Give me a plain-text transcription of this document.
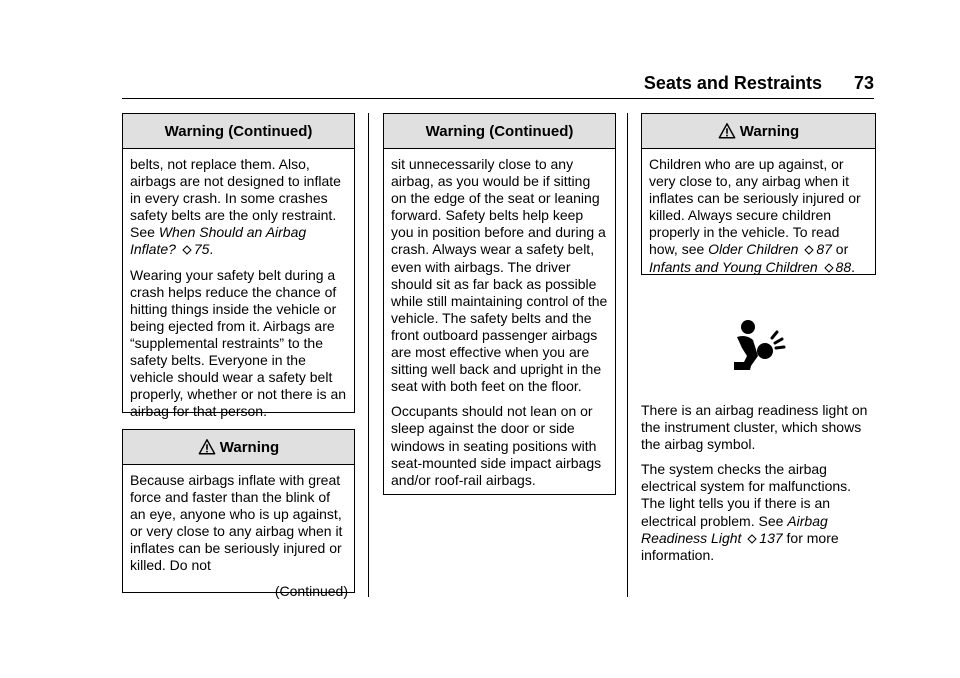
Seats and Restraints 73
Warning (Continued)

belts, not replace them. Also, airbags are not designed to inflate in every crash. In some crashes safety belts are the only restraint. See When Should an Airbag Inflate? 75.

Wearing your safety belt during a crash helps reduce the chance of hitting things inside the vehicle or being ejected from it. Airbags are “supplemental restraints” to the safety belts. Everyone in the vehicle should wear a safety belt properly, whether or not there is an airbag for that person.

Warning

Because airbags inflate with great force and faster than the blink of an eye, anyone who is up against, or very close to any airbag when it inflates can be seriously injured or killed. Do not

(Continued)
Warning (Continued)

sit unnecessarily close to any airbag, as you would be if sitting on the edge of the seat or leaning forward. Safety belts help keep you in position before and during a crash. Always wear a safety belt, even with airbags. The driver should sit as far back as possible while still maintaining control of the vehicle. The safety belts and the front outboard passenger airbags are most effective when you are sitting well back and upright in the seat with both feet on the floor.

Occupants should not lean on or sleep against the door or side windows in seating positions with seat-mounted side impact airbags and/or roof-rail airbags.

Warning

Children who are up against, or very close to, any airbag when it inflates can be seriously injured or killed. Always secure children properly in the vehicle. To read how, see Older Children 87 or Infants and Young Children 88.

There is an airbag readiness light on the instrument cluster, which shows the airbag symbol.

The system checks the airbag electrical system for malfunctions. The light tells you if there is an electrical problem. See Airbag Readiness Light 137 for more information.
